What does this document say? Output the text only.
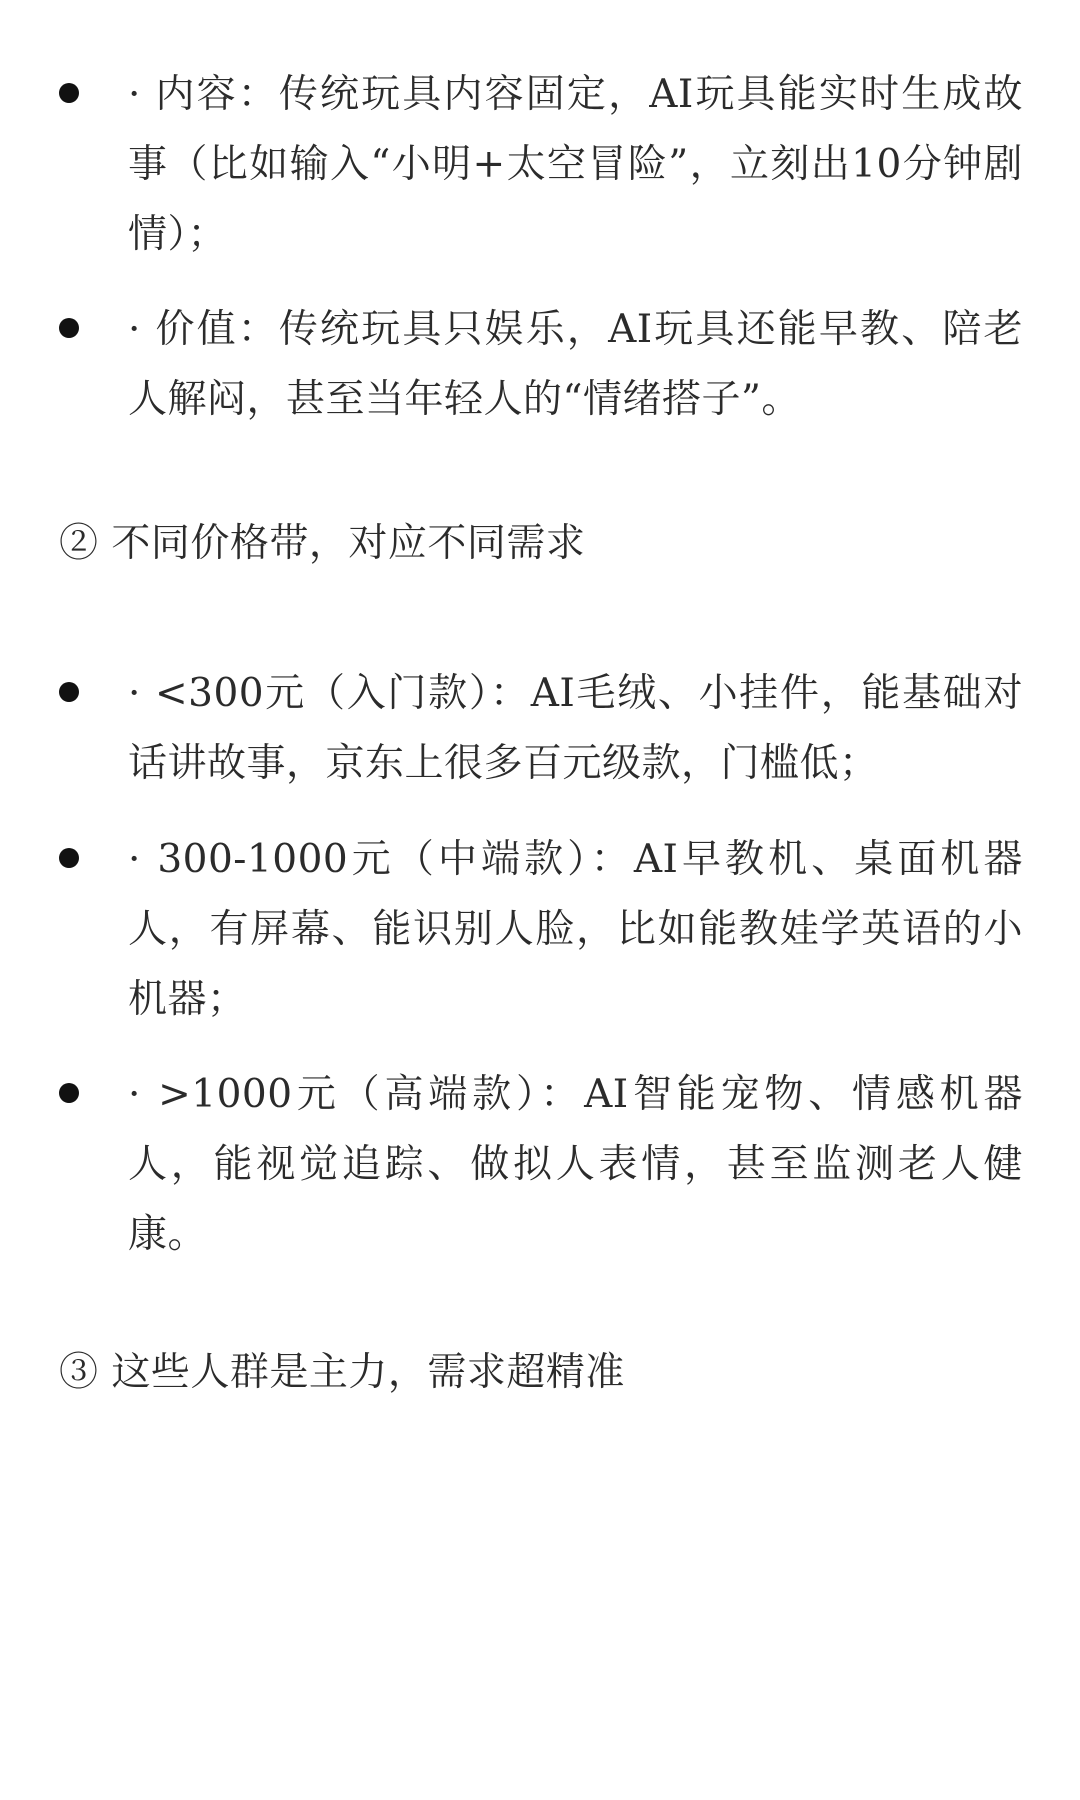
· 内容：传统玩具内容固定，AI玩具能实时生成故事（比如输入“小明+太空冒险”，立刻出10分钟剧情）；
· 价值：传统玩具只娱乐，AI玩具还能早教、陪老人解闷，甚至当年轻人的“情绪搭子”。
② 不同价格带，对应不同需求
· <300元（入门款）：AI毛绒、小挂件，能基础对话讲故事，京东上很多百元级款，门槛低；
· 300-1000元（中端款）：AI早教机、桌面机器人，有屏幕、能识别人脸，比如能教娃学英语的小机器；
· >1000元（高端款）：AI智能宠物、情感机器人，能视觉追踪、做拟人表情，甚至监测老人健康。
③ 这些人群是主力，需求超精准
